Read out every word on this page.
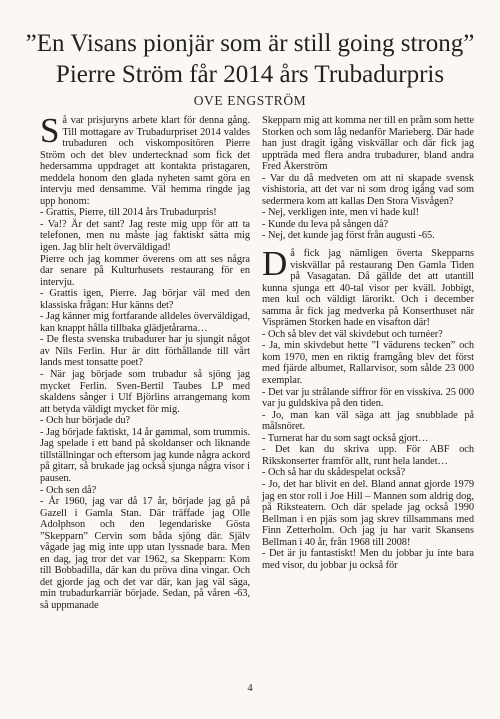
”En Visans pionjär som är still going strong”
Pierre Ström får 2014 års Trubadurpris
OVE ENGSTRÖM

Så var prisjuryns arbete klart för denna gång. Till mottagare av Trubadurpriset 2014 valdes trubaduren och viskompositören Pierre Ström och det blev undertecknad som fick det hedersamma uppdraget att kontakta pristagaren, meddela honom den glada nyheten samt göra en intervju med densamme. Väl hemma ringde jag upp honom:

- Grattis, Pierre, till 2014 års Trubadurpris!

- Va!? Är det sant? Jag reste mig upp för att ta telefonen, men nu måste jag faktiskt sätta mig igen. Jag blir helt överväldigad!

Pierre och jag kommer överens om att ses några dar senare på Kulturhusets restaurang för en intervju.

- Grattis igen, Pierre. Jag börjar väl med den klassiska frågan: Hur känns det?

- Jag känner mig fortfarande alldeles överväldigad, kan knappt hålla tillbaka glädjetårarna…

- De flesta svenska trubadurer har ju sjungit något av Nils Ferlin. Hur är ditt förhållande till vårt lands mest tonsatte poet?

- När jag började som trubadur så sjöng jag mycket Ferlin. Sven-Bertil Taubes LP med skaldens sånger i Ulf Björlins arrangemang kom att betyda väldigt mycket för mig.

- Och hur började du?

- Jag började faktiskt, 14 år gammal, som trummis. Jag spelade i ett band på skoldanser och liknande tillställningar och eftersom jag kunde några ackord på gitarr, så brukade jag också sjunga några visor i pausen.

- Och sen då?

- År 1960, jag var då 17 år, började jag gå på Gazell i Gamla Stan. Där träffade jag Olle Adolphson och den legendariske Gösta ”Skepparn” Cervin som båda sjöng där. Själv vågade jag mig inte upp utan lyssnade bara. Men en dag, jag tror det var 1962, sa Skepparn: Kom till Bobbadilla, där kan du pröva dina vingar. Och det gjorde jag och det var där, kan jag väl säga, min trubadurkarriär började. Sedan, på våren -63, så uppmanade

Skepparn mig att komma ner till en pråm som hette Storken och som låg nedanför Marieberg. Där hade han just dragit igång viskvällar och där fick jag uppträda med flera andra trubadurer, bland andra Fred Åkerström

- Var du då medveten om att ni skapade svensk vishistoria, att det var ni som drog igång vad som sedermera kom att kallas Den Stora Visvågen?

- Nej, verkligen inte, men vi hade kul!

- Kunde du leva på sången då?

- Nej, det kunde jag först från augusti -65.

Då fick jag nämligen överta Skepparns viskvällar på restaurang Den Gamla Tiden på Vasagatan. Då gällde det att utantill kunna sjunga ett 40-tal visor per kväll. Jobbigt, men kul och väldigt lärorikt. Och i december samma år fick jag medverka på Konserthuset när Visprämen Storken hade en visafton där!

- Och så blev det väl skivdebut och turnéer?

- Ja, min skivdebut hette ”I vädurens tecken” och kom 1970, men en riktig framgång blev det först med fjärde albumet, Rallarvisor, som sålde 23 000 exemplar.

- Det var ju strålande siffror för en visskiva. 25 000 var ju guldskiva på den tiden.

- Jo, man kan väl säga att jag snubblade på målsnöret.

- Turnerat har du som sagt också gjort…

- Det kan du skriva upp. För ABF och Rikskonserter framför allt, runt hela landet…

- Och så har du skådespelat också?

- Jo, det har blivit en del. Bland annat gjorde 1979 jag en stor roll i Joe Hill – Mannen som aldrig dog, på Riksteatern. Och där spelade jag också 1990 Bellman i en pjäs som jag skrev tillsammans med Finn Zetterholm. Och jag ju har varit Skansens Bellman i 40 år, från 1968 till 2008!

- Det är ju fantastiskt! Men du jobbar ju inte bara med visor, du jobbar ju också för

4
